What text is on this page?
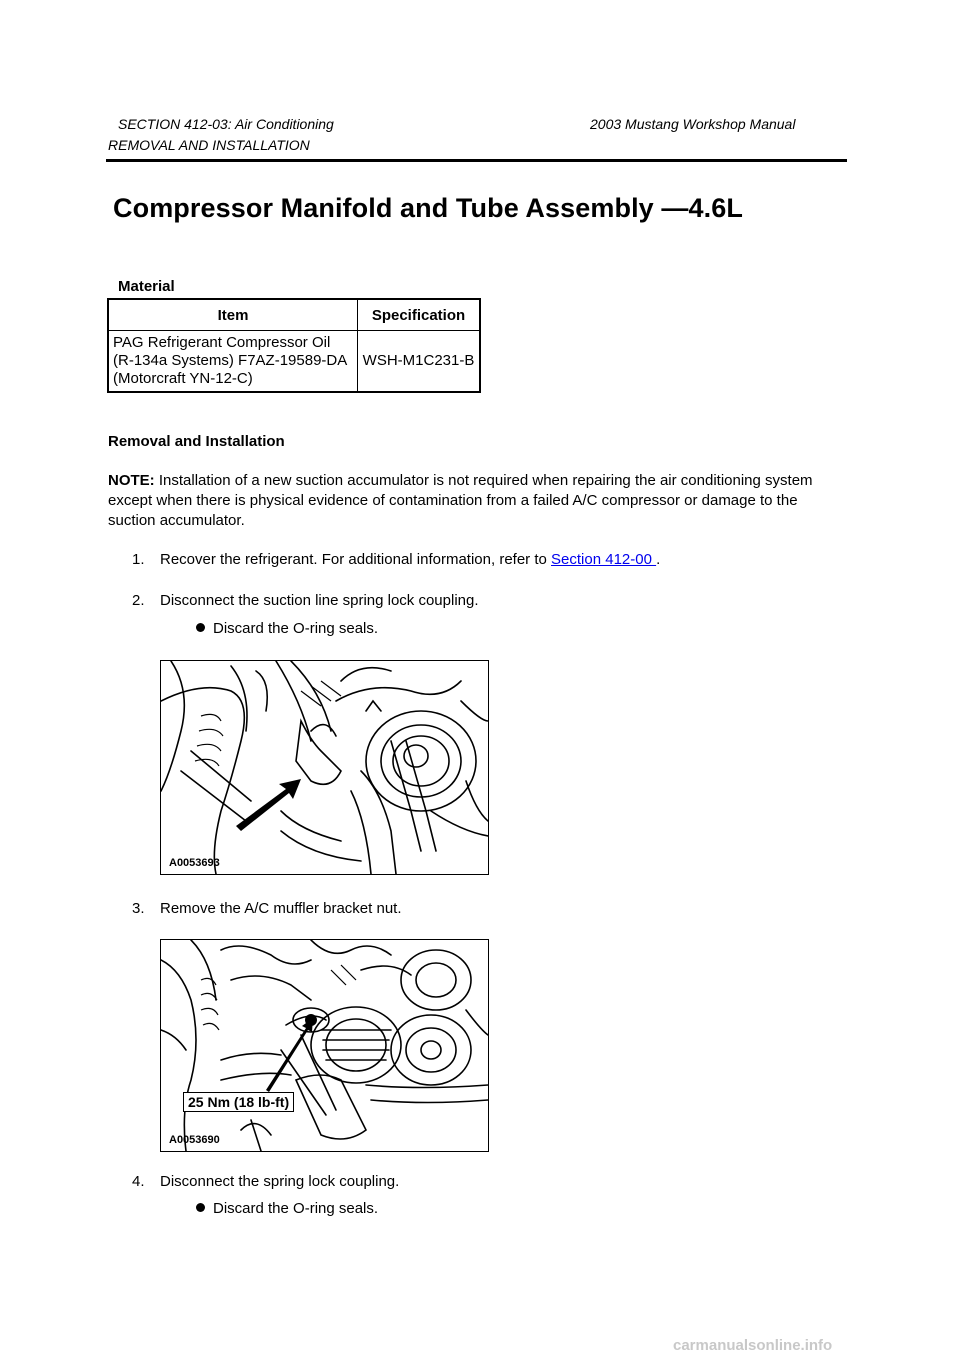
SECTION 412-03: Air Conditioning	2003 Mustang Workshop Manual
REMOVAL AND INSTALLATION
Compressor Manifold and Tube Assembly —4.6L
Material
Item	Specification
PAG Refrigerant Compressor Oil (R-134a Systems) F7AZ-19589-DA (Motorcraft YN-12-C)	WSH-M1C231-B
Removal and Installation
NOTE: Installation of a new suction accumulator is not required when repairing the air conditioning system except when there is physical evidence of contamination from a failed A/C compressor or damage to the suction accumulator.
1. Recover the refrigerant. For additional information, refer to Section 412-00 .
2. Disconnect the suction line spring lock coupling.
Discard the O-ring seals.
A0053693
3. Remove the A/C muffler bracket nut.
25 Nm (18 lb-ft)
A0053690
4. Disconnect the spring lock coupling.
Discard the O-ring seals.
carmanualsonline.info
